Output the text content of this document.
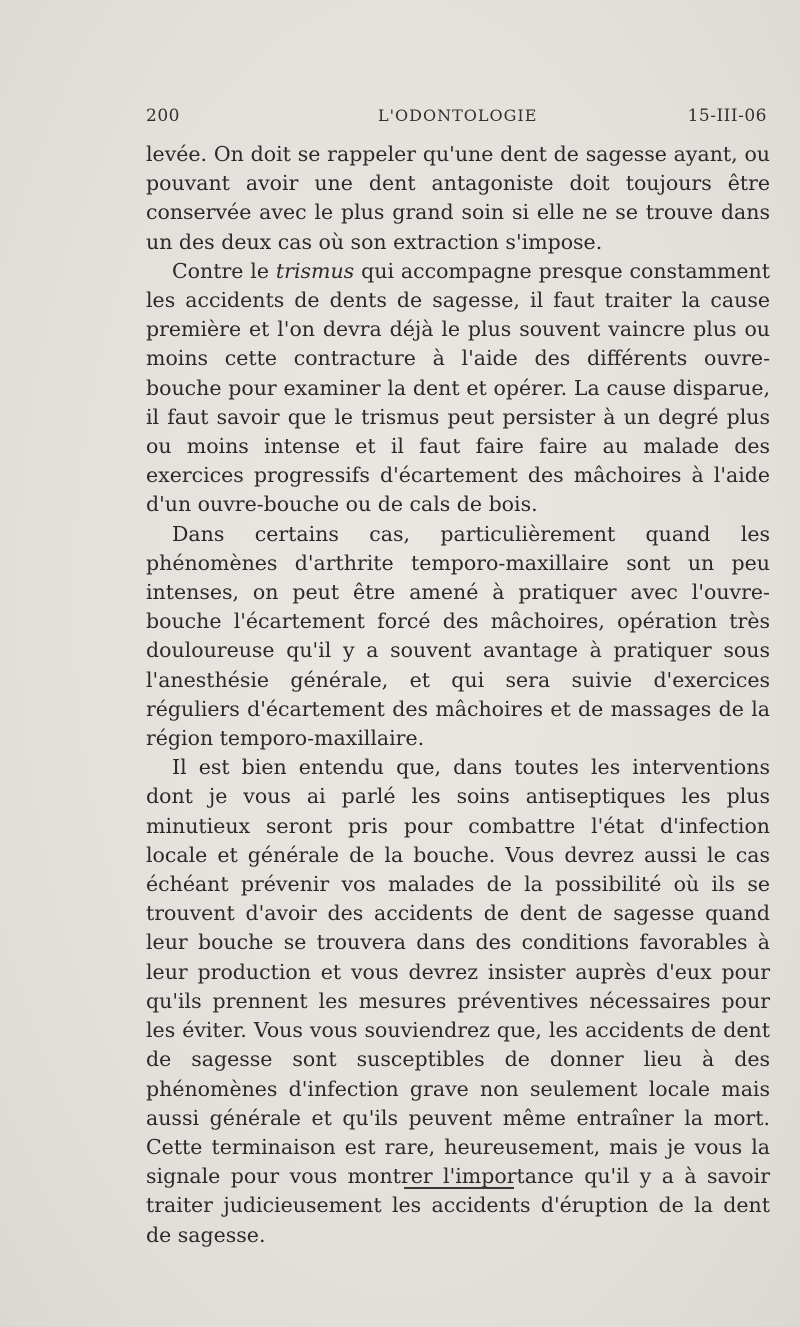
200	L'ODONTOLOGIE	15-III-06

levée. On doit se rappeler qu'une dent de sagesse ayant, ou pouvant avoir une dent antagoniste doit toujours être conservée avec le plus grand soin si elle ne se trouve dans un des deux cas où son extraction s'impose.

Contre le trismus qui accompagne presque constamment les accidents de dents de sagesse, il faut traiter la cause première et l'on devra déjà le plus souvent vaincre plus ou moins cette contracture à l'aide des différents ouvre-bouche pour examiner la dent et opérer. La cause disparue, il faut savoir que le trismus peut persister à un degré plus ou moins intense et il faut faire faire au malade des exercices progressifs d'écartement des mâchoires à l'aide d'un ouvre-bouche ou de cals de bois.

Dans certains cas, particulièrement quand les phénomènes d'arthrite temporo-maxillaire sont un peu intenses, on peut être amené à pratiquer avec l'ouvre-bouche l'écartement forcé des mâchoires, opération très douloureuse qu'il y a souvent avantage à pratiquer sous l'anesthésie générale, et qui sera suivie d'exercices réguliers d'écartement des mâchoires et de massages de la région temporo-maxillaire.

Il est bien entendu que, dans toutes les interventions dont je vous ai parlé les soins antiseptiques les plus minutieux seront pris pour combattre l'état d'infection locale et générale de la bouche. Vous devrez aussi le cas échéant prévenir vos malades de la possibilité où ils se trouvent d'avoir des accidents de dent de sagesse quand leur bouche se trouvera dans des conditions favorables à leur production et vous devrez insister auprès d'eux pour qu'ils prennent les mesures préventives nécessaires pour les éviter. Vous vous souviendrez que, les accidents de dent de sagesse sont susceptibles de donner lieu à des phénomènes d'infection grave non seulement locale mais aussi générale et qu'ils peuvent même entraîner la mort. Cette terminaison est rare, heureusement, mais je vous la signale pour vous montrer l'importance qu'il y a à savoir traiter judicieusement les accidents d'éruption de la dent de sagesse.
